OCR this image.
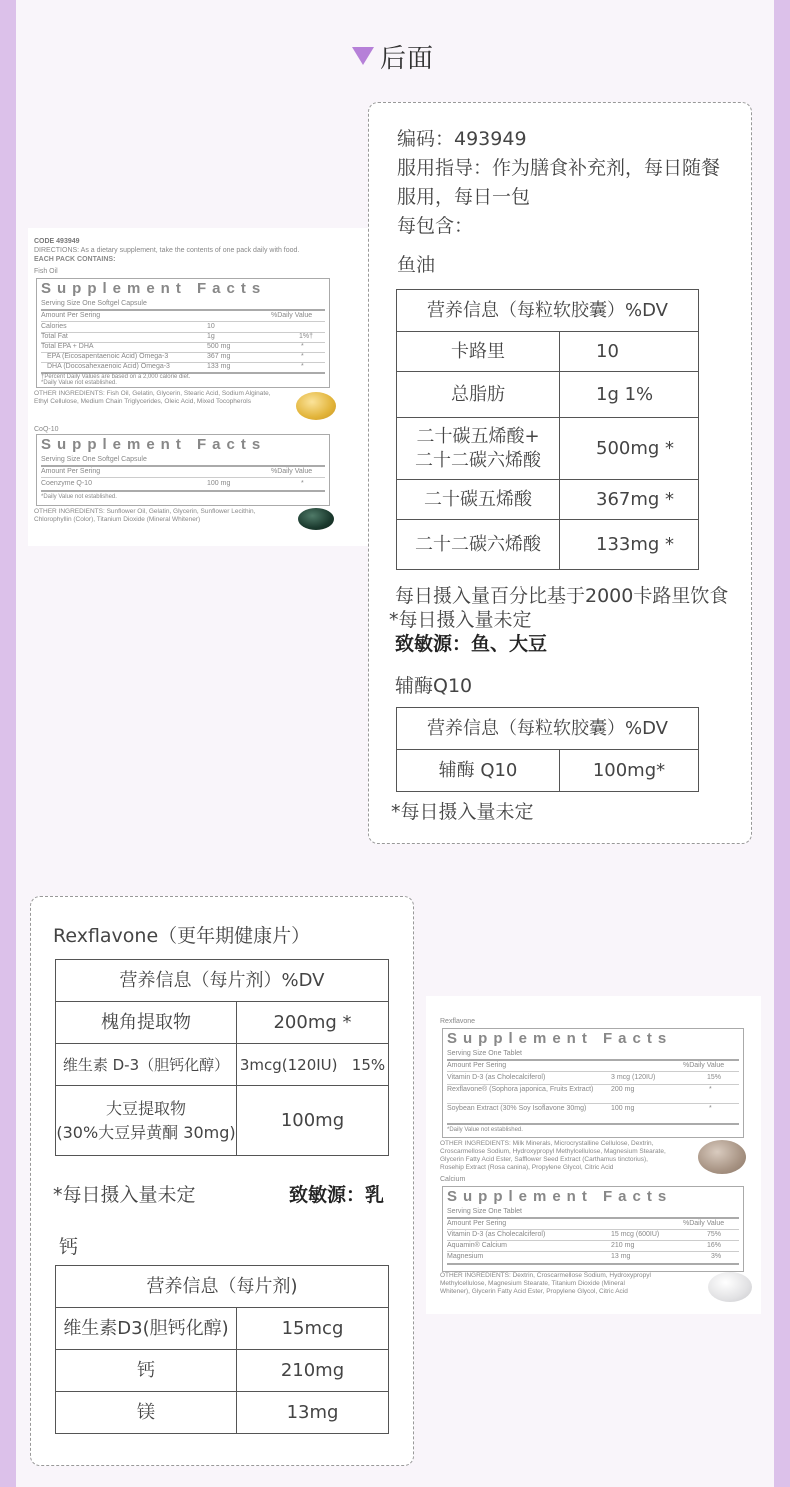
后面
CODE 493949
DIRECTIONS: As a dietary supplement, take the contents of one pack daily with food.
EACH PACK CONTAINS:
Fish Oil
Supplement Facts
Serving Size One Softgel Capsule
Amount Per Sering	%Daily Value
Calories	10
Total Fat	1g	1%†
Total EPA + DHA	500 mg	*
EPA (Eicosapentaenoic Acid) Omega-3	367 mg	*
DHA (Docosahexaenoic Acid) Omega-3	133 mg	*
†Percent Daily Values are based on a 2,000 calorie diet.
*Daily Value not established.
OTHER INGREDIENTS: Fish Oil, Gelatin, Glycerin, Stearic Acid, Sodium Alginate,
Ethyl Cellulose, Medium Chain Triglycerides, Oleic Acid, Mixed Tocopherols
CoQ-10
Supplement Facts
Serving Size One Softgel Capsule
Amount Per Sering	%Daily Value
Coenzyme Q-10	100 mg	*
*Daily Value not established.
OTHER INGREDIENTS: Sunflower Oil, Gelatin, Glycerin, Sunflower Lecithin,
Chlorophyllin (Color), Titanium Dioxide (Mineral Whitener)
编码：493949
服用指导：作为膳食补充剂，每日随餐
服用，每日一包
每包含：
鱼油
营养信息（每粒软胶囊）%DV	
卡路里	10
总脂肪	1g 1%

二十碳五烯酸+
二十二碳六烯酸	500mg *
二十碳五烯酸	367mg *
二十二碳六烯酸	133mg *
每日摄入量百分比基于2000卡路里饮食
*每日摄入量未定
致敏源：鱼、大豆
辅酶Q10
营养信息（每粒软胶囊）%DV
辅酶 Q10	100mg*
*每日摄入量未定
Rexflavone（更年期健康片）
营养信息（每片剂）%DV	
槐角提取物	200mg *
维生素 D-3（胆钙化醇）	3mcg(120IU)   15%

大豆提取物
(30%大豆异黄酮 30mg)	100mg
*每日摄入量未定	致敏源：乳
钙
营养信息（每片剂)	
维生素D3(胆钙化醇)	15mcg
钙	210mg
镁	13mg
Rexflavone
Supplement Facts
Serving Size One Tablet
Amount Per Sering	%Daily Value
Vitamin D-3 (as Cholecalciferol)	3 mcg (120IU)	15%
Rexflavone® (Sophora japonica, Fruits Extract)	200 mg	*
Soybean Extract (30% Soy Isoflavone 30mg)	100 mg	*
*Daily Value not established.
OTHER INGREDIENTS: Milk Minerals, Microcrystalline Cellulose, Dextrin,
Croscarmellose Sodium, Hydroxypropyl Methylcellulose, Magnesium Stearate,
Glycerin Fatty Acid Ester, Safflower Seed Extract (Carthamus tinctorius),
Rosehip Extract (Rosa canina), Propylene Glycol, Citric Acid
Calcium
Supplement Facts
Serving Size One Tablet
Amount Per Sering	%Daily Value
Vitamin D-3 (as Cholecalciferol)	15 mcg (600IU)	75%
Aquamin® Calcium	210 mg	16%
Magnesium	13 mg	3%
OTHER INGREDIENTS: Dextrin, Croscarmellose Sodium, Hydroxypropyl
Methylcellulose, Magnesium Stearate, Titanium Dioxide (Mineral
Whitener), Glycerin Fatty Acid Ester, Propylene Glycol, Citric Acid
